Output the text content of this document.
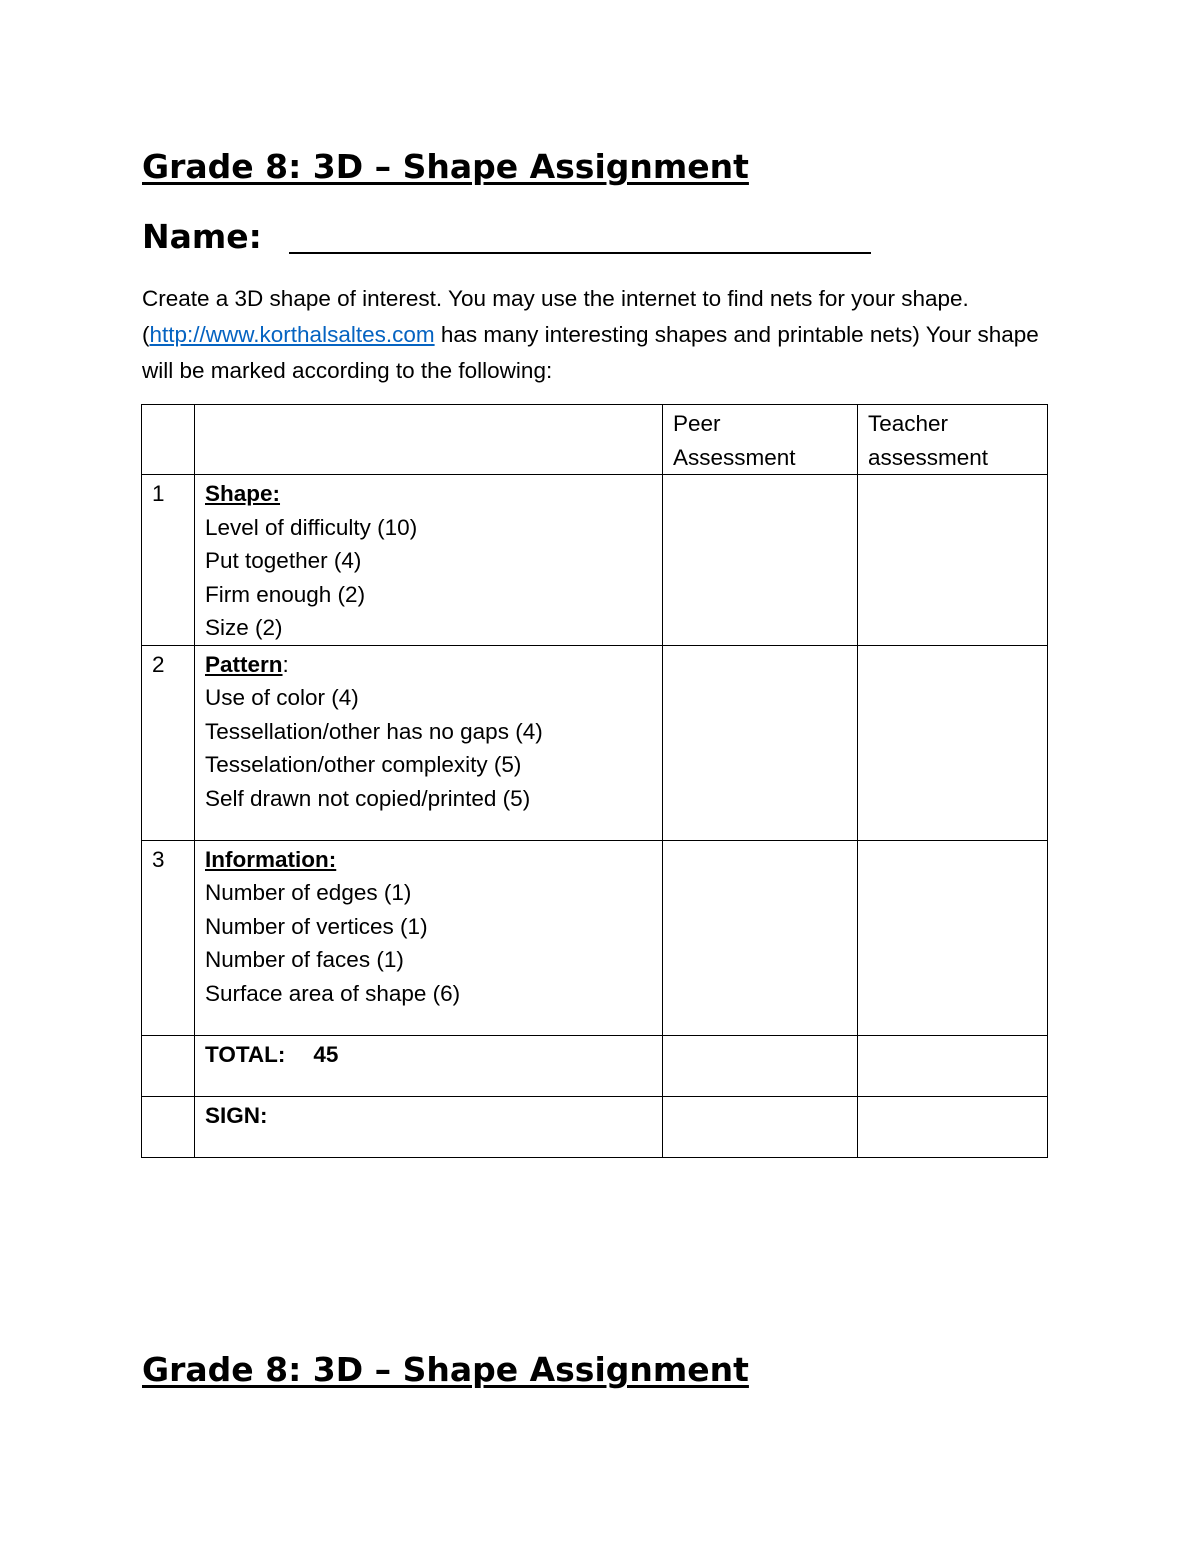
Grade 8: 3D – Shape Assignment
Name:
Create a 3D shape of interest. You may use the internet to find nets for your shape. (http://www.korthalsaltes.com has many interesting shapes and printable nets) Your shape will be marked according to the following:
		Peer Assessment	Teacher assessment
1	Shape:
Level of difficulty (10)
Put together (4)
Firm enough (2)
Size (2)		

2	Pattern:
Use of color (4)
Tessellation/other has no gaps (4)
Tesselation/other complexity (5)
Self drawn not copied/printed (5)		

3	Information:
Number of edges (1)
Number of vertices (1)
Number of faces (1)
Surface area of shape (6)		

	TOTAL: 45		
	SIGN:		
Grade 8: 3D – Shape Assignment
